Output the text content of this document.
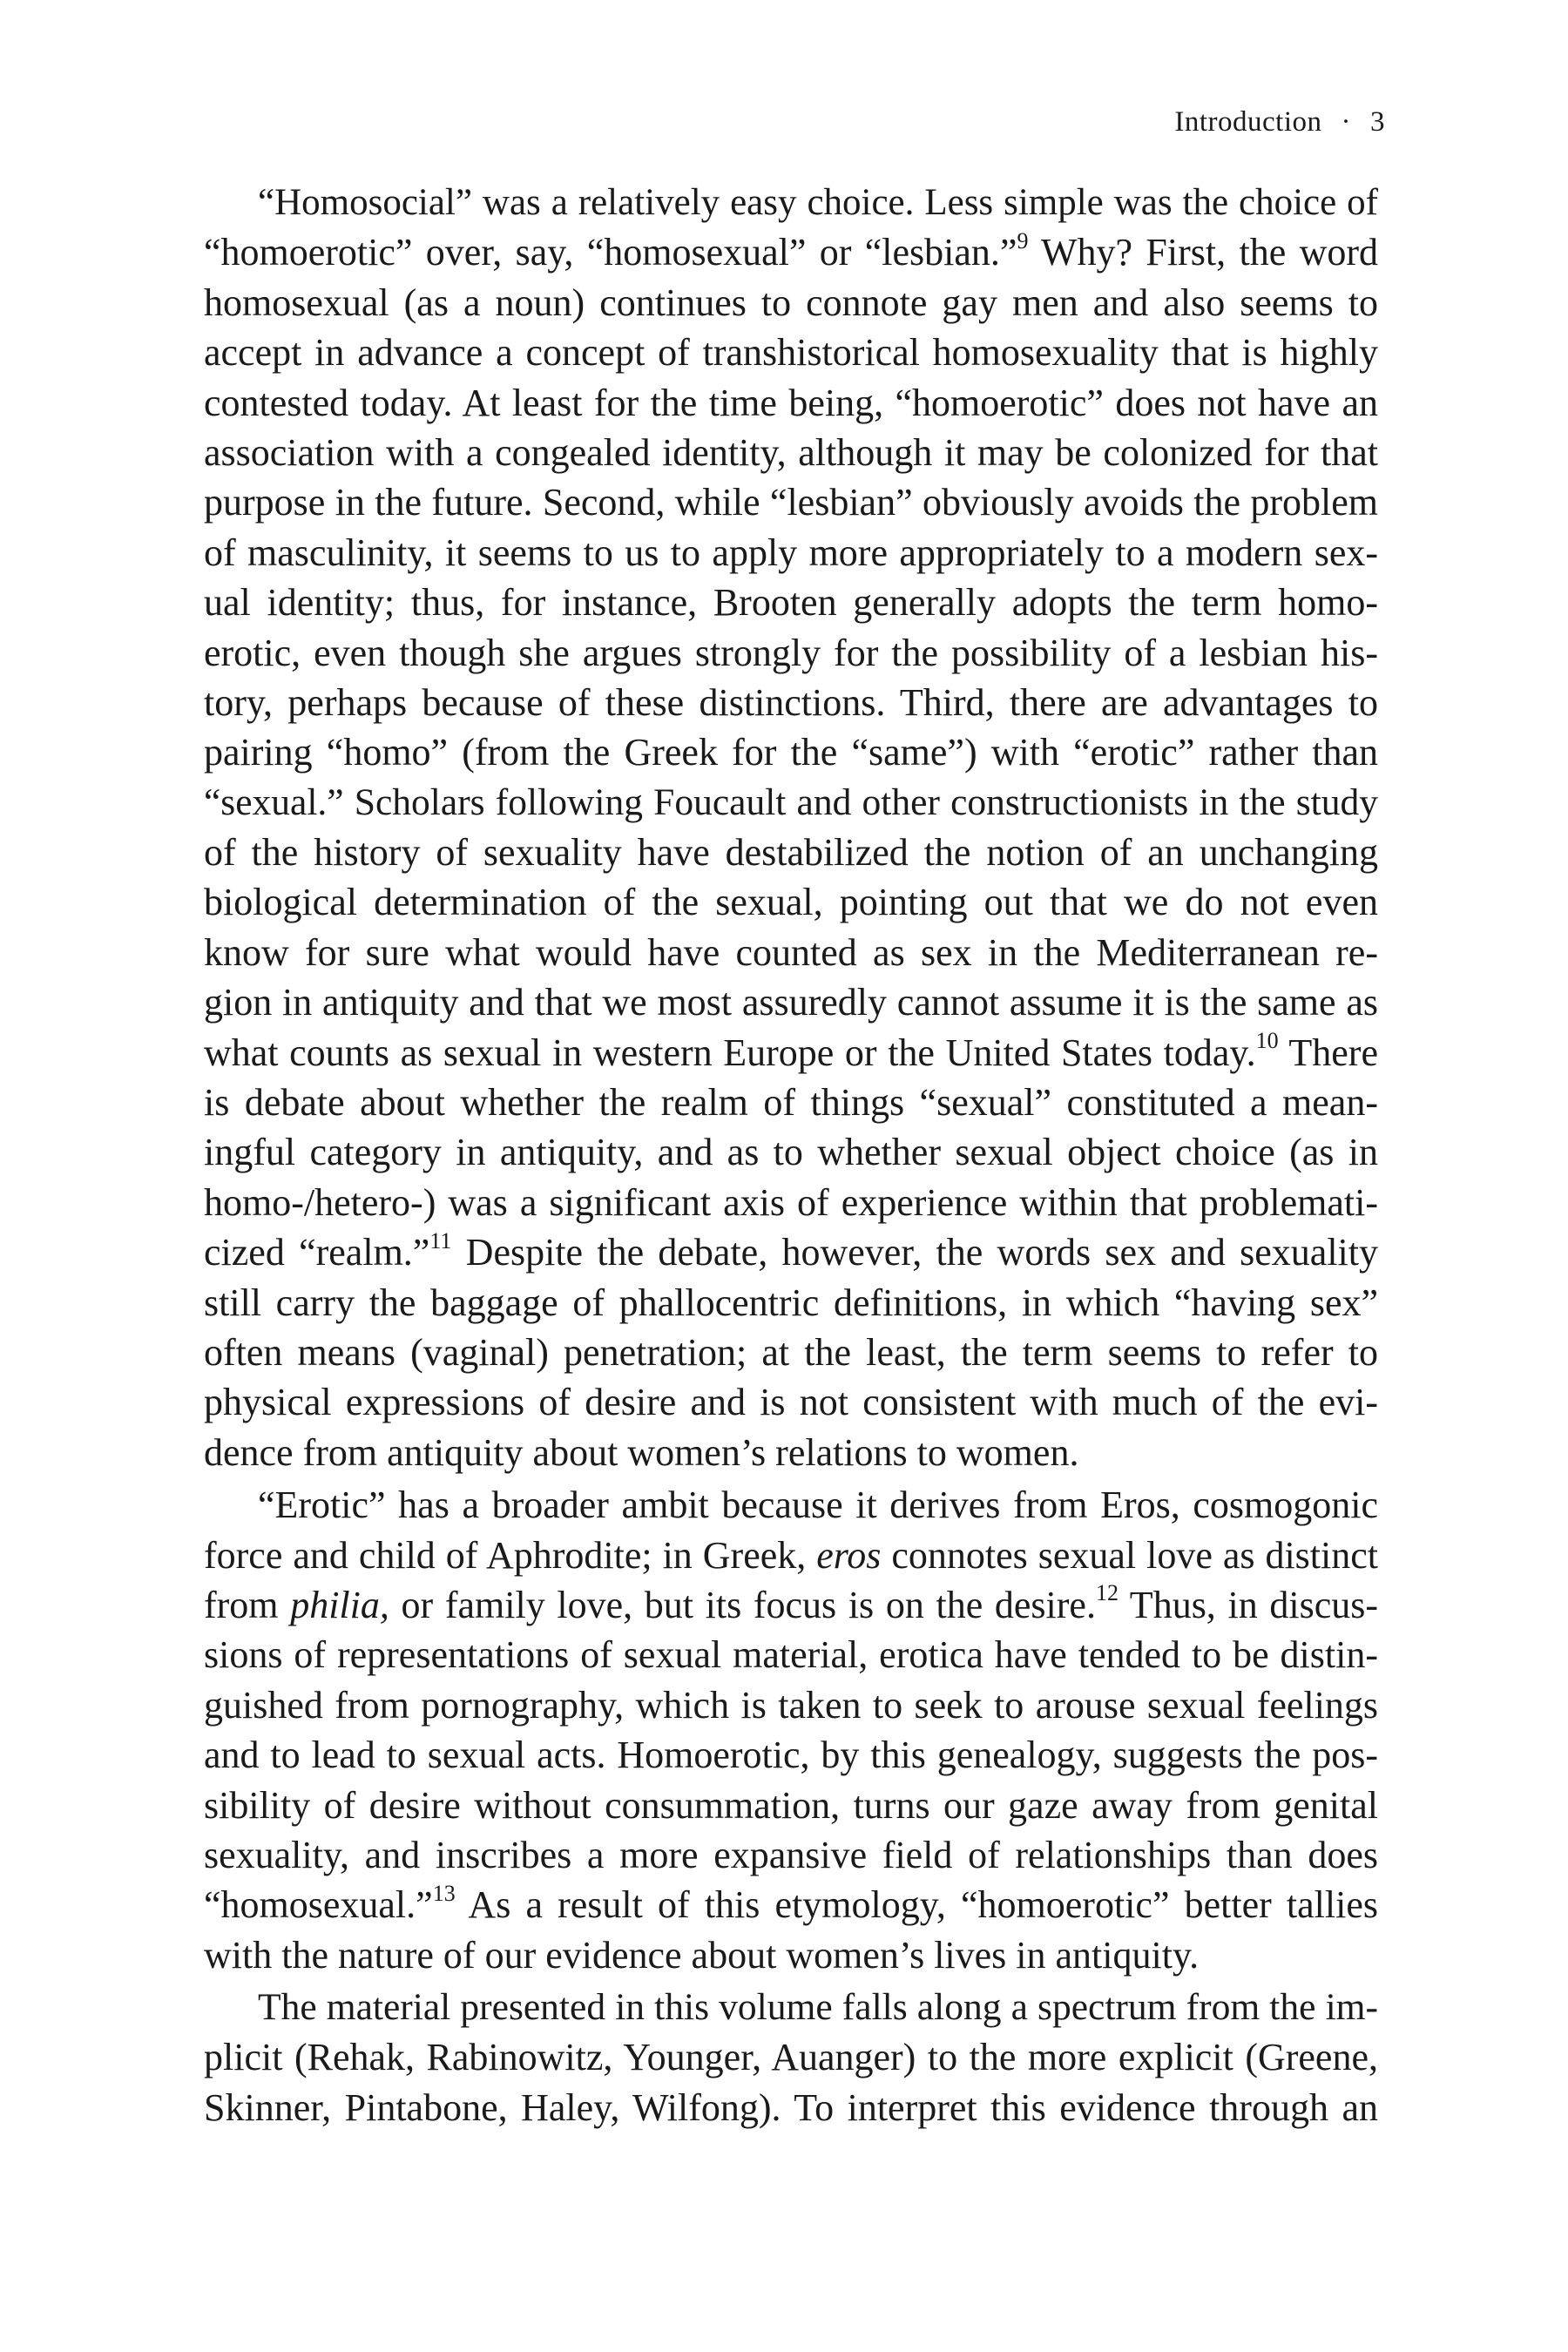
Introduction · 3
“Homosocial” was a relatively easy choice. Less simple was the choice of
“homoerotic” over, say, “homosexual” or “lesbian.”$^9$ Why? First, the word
homosexual (as a noun) continues to connote gay men and also seems to
accept in advance a concept of transhistorical homosexuality that is highly
contested today. At least for the time being, “homoerotic” does not have an
association with a congealed identity, although it may be colonized for that
purpose in the future. Second, while “lesbian” obviously avoids the problem
of masculinity, it seems to us to apply more appropriately to a modern sex-
ual identity; thus, for instance, Brooten generally adopts the term homo-
erotic, even though she argues strongly for the possibility of a lesbian his-
tory, perhaps because of these distinctions. Third, there are advantages to
pairing “homo” (from the Greek for the “same”) with “erotic” rather than
“sexual.” Scholars following Foucault and other constructionists in the study
of the history of sexuality have destabilized the notion of an unchanging
biological determination of the sexual, pointing out that we do not even
know for sure what would have counted as sex in the Mediterranean re-
gion in antiquity and that we most assuredly cannot assume it is the same as
what counts as sexual in western Europe or the United States today.$^{10}$ There
is debate about whether the realm of things “sexual” constituted a mean-
ingful category in antiquity, and as to whether sexual object choice (as in
homo-/hetero-) was a significant axis of experience within that problemati-
cized “realm.”$^{11}$ Despite the debate, however, the words sex and sexuality
still carry the baggage of phallocentric definitions, in which “having sex”
often means (vaginal) penetration; at the least, the term seems to refer to
physical expressions of desire and is not consistent with much of the evi-
dence from antiquity about women’s relations to women.
“Erotic” has a broader ambit because it derives from Eros, cosmogonic
force and child of Aphrodite; in Greek, eros connotes sexual love as distinct
from philia, or family love, but its focus is on the desire.$^{12}$ Thus, in discus-
sions of representations of sexual material, erotica have tended to be distin-
guished from pornography, which is taken to seek to arouse sexual feelings
and to lead to sexual acts. Homoerotic, by this genealogy, suggests the pos-
sibility of desire without consummation, turns our gaze away from genital
sexuality, and inscribes a more expansive field of relationships than does
“homosexual.”$^{13}$ As a result of this etymology, “homoerotic” better tallies
with the nature of our evidence about women’s lives in antiquity.
The material presented in this volume falls along a spectrum from the im-
plicit (Rehak, Rabinowitz, Younger, Auanger) to the more explicit (Greene,
Skinner, Pintabone, Haley, Wilfong). To interpret this evidence through an
